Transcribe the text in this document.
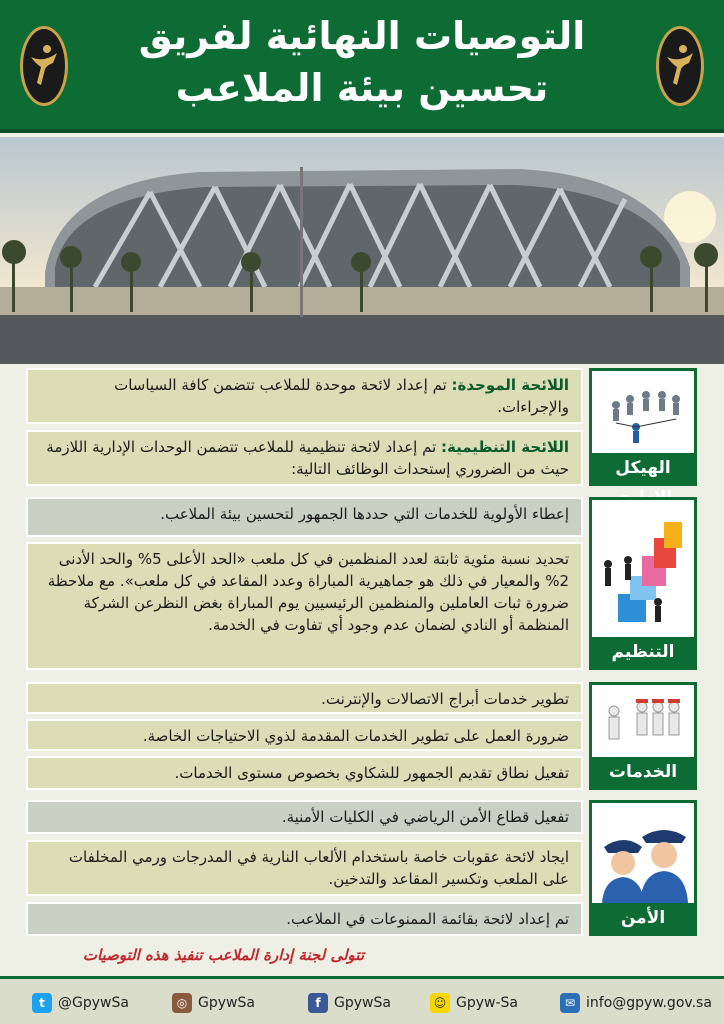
التوصيات النهائية لفريق
تحسين بيئة الملاعب
الهيكل
اللائحة الموحدة: تم إعداد لائحة موحدة للملاعب تتضمن كافة السياسات والإجراءات.
اللائحة التنظيمية: تم إعداد لائحة تنظيمية للملاعب تتضمن الوحدات الإدارية اللازمة حيث من الضروري إستحداث الوظائف التالية:
التنظيم
إعطاء الأولوية للخدمات التي حددها الجمهور لتحسين بيئة الملاعب.
تحديد نسبة مئوية ثابتة لعدد المنظمين في كل ملعب «الحد الأعلى 5% والحد الأدنى 2% والمعيار في ذلك هو جماهيرية المباراة وعدد المقاعد في كل ملعب». مع ملاحظة ضرورة ثبات العاملين والمنظمين الرئيسيين يوم المباراة بغض النظرعن الشركة المنظمة أو النادي لضمان عدم وجود أي تفاوت في الخدمة.
الخدمات
تطوير خدمات أبراج الاتصالات والإنترنت.
ضرورة العمل على تطوير الخدمات المقدمة لذوي الاحتياجات الخاصة.
تفعيل نطاق تقديم الجمهور للشكاوي بخصوص مستوى الخدمات.
الأمن
تفعيل قطاع الأمن الرياضي في الكليات الأمنية.
ايجاد لائحة عقوبات خاصة باستخدام الألعاب النارية في المدرجات ورمي المخلفات على الملعب وتكسير المقاعد والتدخين.
تم إعداد لائحة بقائمة الممنوعات في الملاعب.
تتولى لجنة إدارة الملاعب تنفيذ هذه التوصيات
t @GpywSa	◎ GpywSa	f GpywSa	☺ Gpyw-Sa	✉ info@gpyw.gov.sa
